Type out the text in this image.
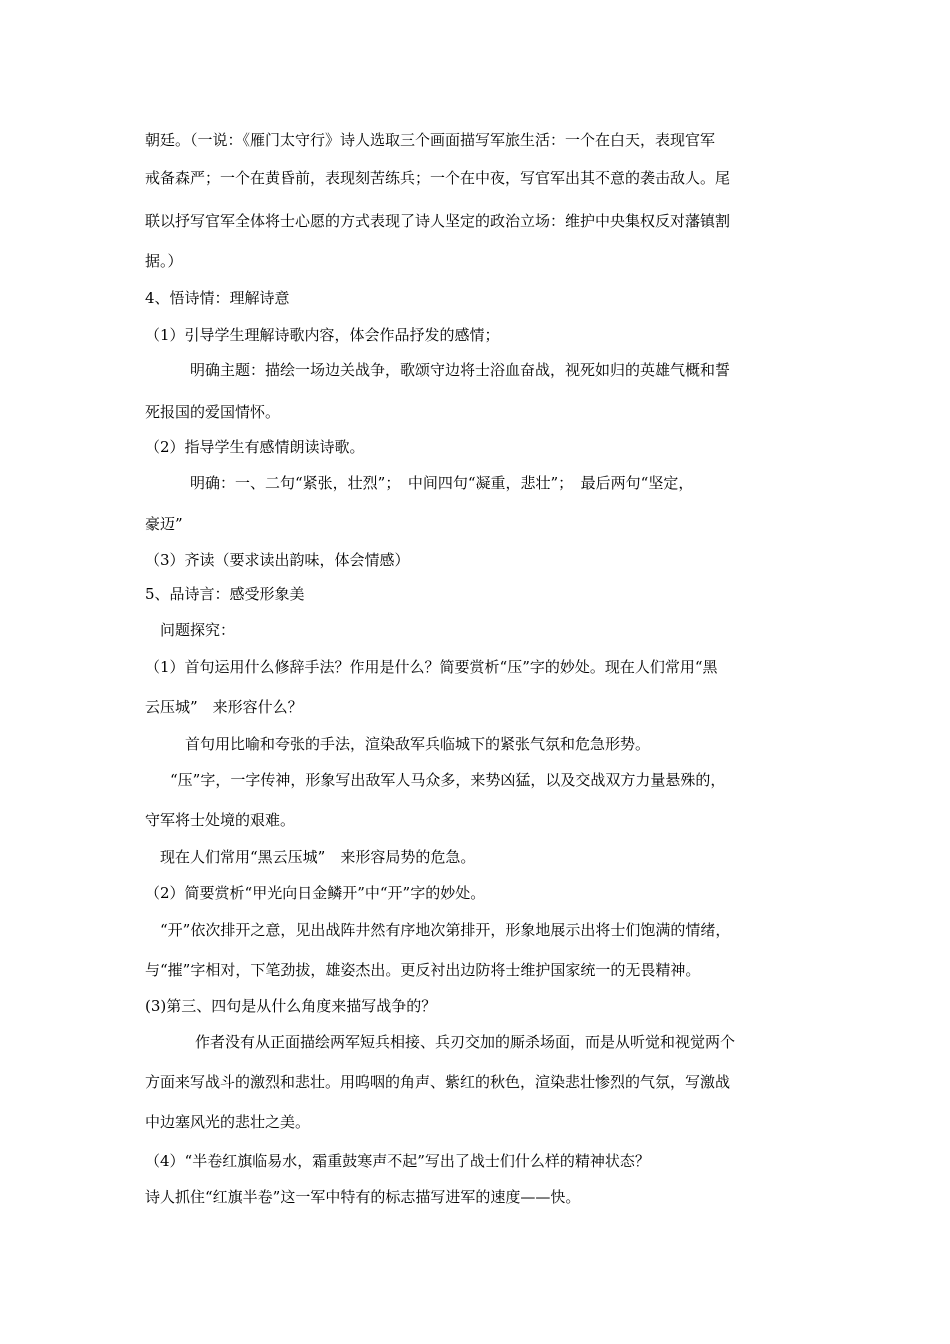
朝廷。（一说：《雁门太守行》诗人选取三个画面描写军旅生活：一个在白天，表现官军
戒备森严；一个在黄昏前，表现刻苦练兵；一个在中夜，写官军出其不意的袭击敌人。尾
联以抒写官军全体将士心愿的方式表现了诗人坚定的政治立场：维护中央集权反对藩镇割
据。）
4、悟诗情：理解诗意
（1）引导学生理解诗歌内容，体会作品抒发的感情；
明确主题：描绘一场边关战争，歌颂守边将士浴血奋战，视死如归的英雄气概和誓
死报国的爱国情怀。
（2）指导学生有感情朗读诗歌。
明确：一、二句“紧张，壮烈”；　中间四句“凝重，悲壮”；　最后两句“坚定，
豪迈”
（3）齐读（要求读出韵味，体会情感）
5、品诗言：感受形象美
问题探究：
（1）首句运用什么修辞手法？作用是什么？简要赏析“压”字的妙处。现在人们常用“黑
云压城”　来形容什么？
首句用比喻和夸张的手法，渲染敌军兵临城下的紧张气氛和危急形势。
“压”字，一字传神，形象写出敌军人马众多，来势凶猛，以及交战双方力量悬殊的，
守军将士处境的艰难。
现在人们常用“黑云压城”　来形容局势的危急。
（2）简要赏析“甲光向日金鳞开”中“开”字的妙处。
“开”依次排开之意，见出战阵井然有序地次第排开，形象地展示出将士们饱满的情绪，
与“摧”字相对，下笔劲拔，雄姿杰出。更反衬出边防将士维护国家统一的无畏精神。
(3)第三、四句是从什么角度来描写战争的？
作者没有从正面描绘两军短兵相接、兵刃交加的厮杀场面，而是从听觉和视觉两个
方面来写战斗的激烈和悲壮。用呜咽的角声、紫红的秋色，渲染悲壮惨烈的气氛，写激战
中边塞风光的悲壮之美。
（4）“半卷红旗临易水，霜重鼓寒声不起”写出了战士们什么样的精神状态？
诗人抓住“红旗半卷”这一军中特有的标志描写进军的速度——快。
